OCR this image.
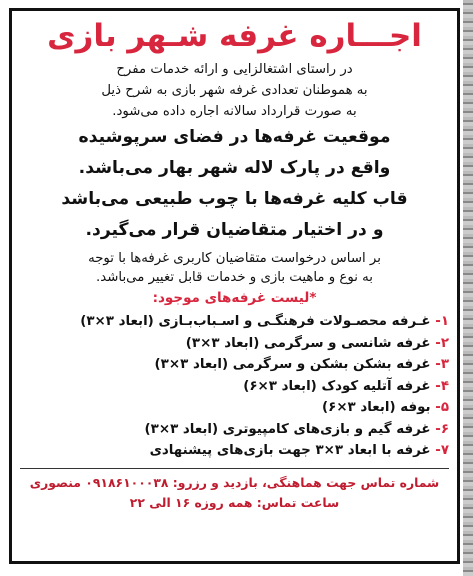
اجـــاره غرفه شـهر بازی
در راستای اشتغالزایی و ارائه خدمات مفرح
به همو‌طنان تعدادی غرفه شهر بازی به شرح ذیل
به صورت قرارداد سالانه اجاره داده می‌شود.
موقعیت غرفه‌ها در فضای سرپوشیده
واقع در پارک لاله شهر بهار می‌باشد.
قاب کلیه غرفه‌ها با چوب طبیعی می‌باشد
و در اختیار متقاضیان قرار می‌گیرد.
بر اساس درخواست متقاضیان کاربری غرفه‌ها با توجه
به نوع و ماهیت بازی و خدمات قابل تغییر می‌باشد.
*لیست غرفه‌های موجود:
۱- غـرفه محصـولات فرهنگـی و اسـباب‌بـازی (ابعاد ۳×۳)
۲- غرفه شانسی و سرگرمی (ابعاد ۳×۳)
۳- غرفه بشکن بشکن و سرگرمی (ابعاد ۳×۳)
۴- غرفه آتلیه کودک (ابعاد ۳×۶)
۵- بوفه (ابعاد ۳×۶)
۶- غرفه گیم و بازی‌های کامپیوتری (ابعاد ۳×۳)
۷- غرفه با ابعاد ۳×۳ جهت بازی‌های پیشنهادی
شماره تماس جهت هماهنگی، بازدید و رزرو: ۰۹۱۸۶۱۰۰۰۳۸ منصوری
ساعت تماس: همه روزه ۱۶ الی ۲۲
